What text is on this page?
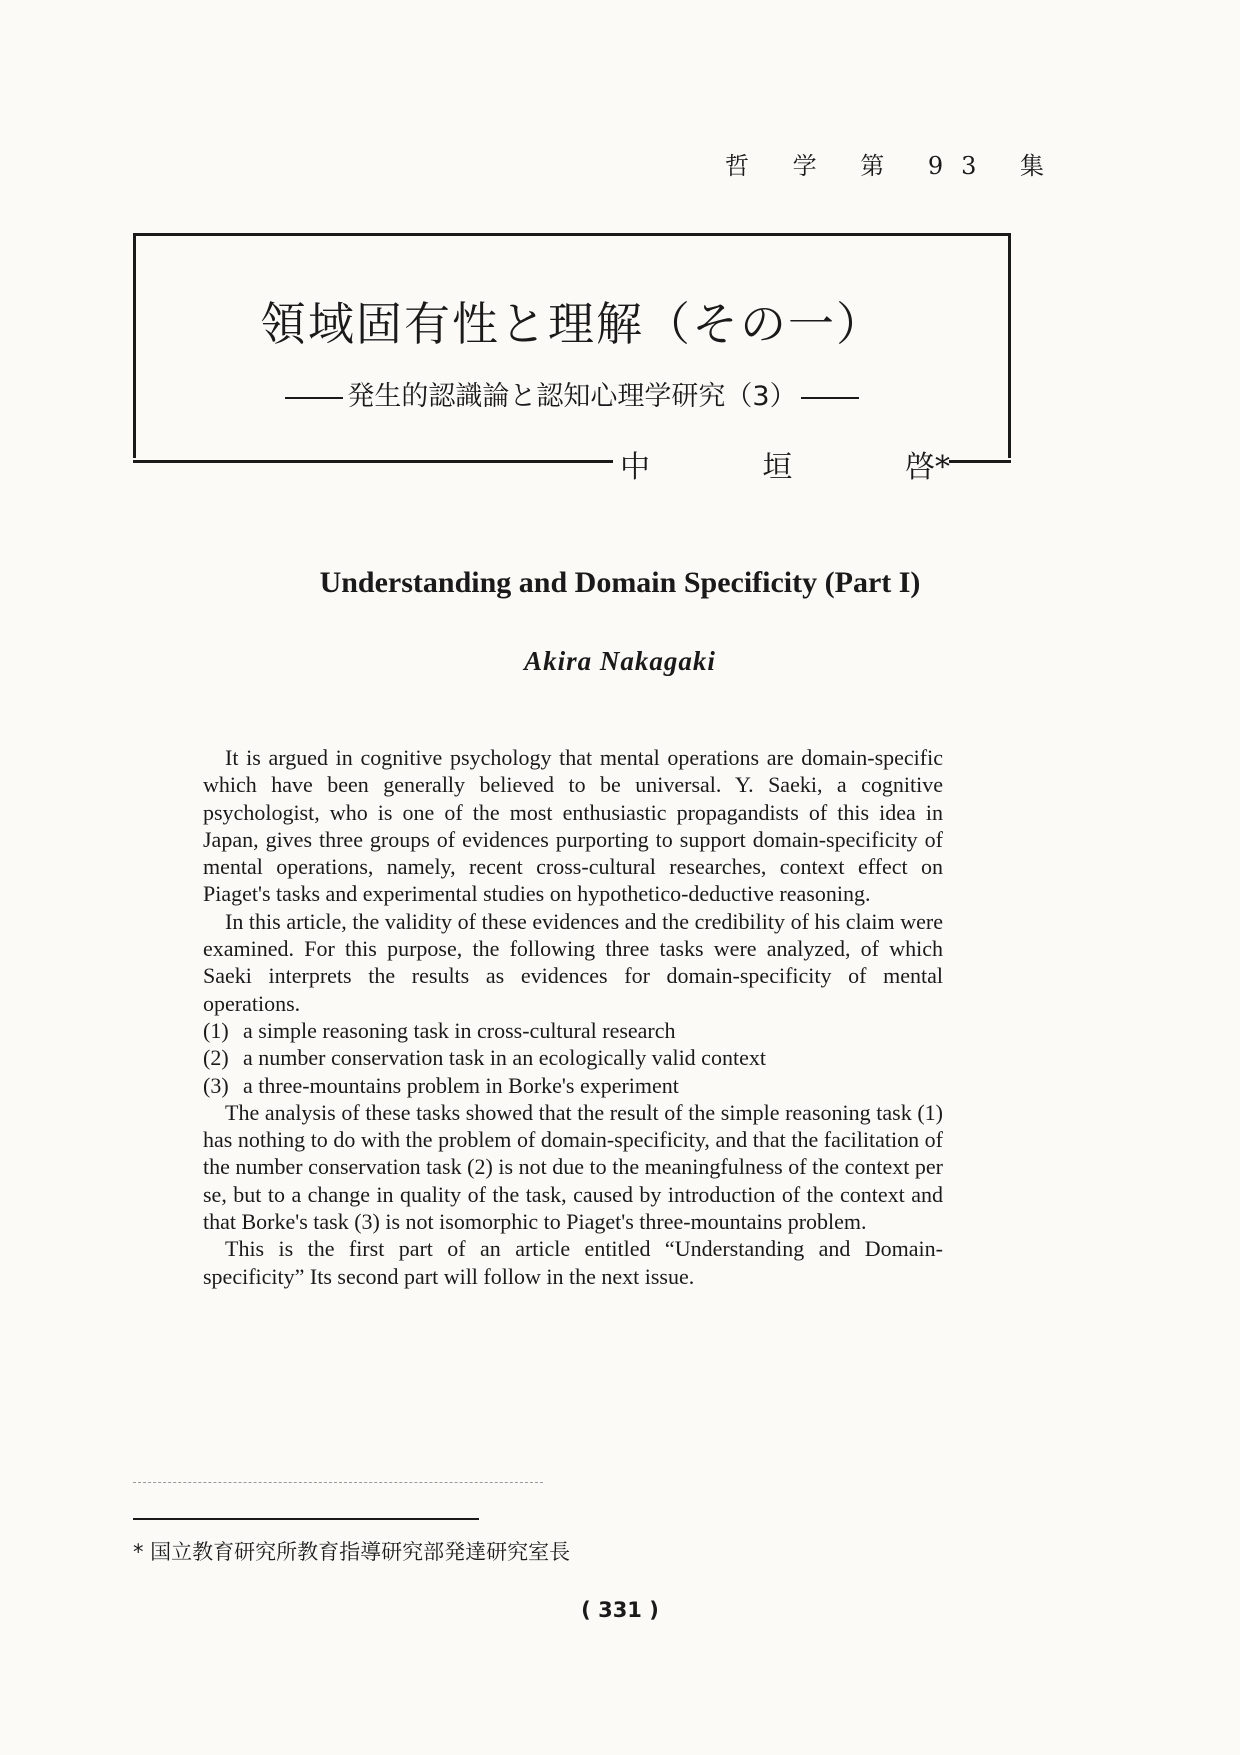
哲 学 第 93 集
領域固有性と理解（その一）
発生的認識論と認知心理学研究（3）
中	垣	啓*
Understanding and Domain Specificity (Part I)
Akira Nakagaki

It is argued in cognitive psychology that mental operations are domain-specific which have been generally believed to be universal. Y. Saeki, a cognitive psychologist, who is one of the most enthusiastic propagandists of this idea in Japan, gives three groups of evidences purporting to support domain-specificity of mental operations, namely, recent cross-cultural researches, context effect on Piaget's tasks and experimental studies on hypothetico-deductive reasoning.

In this article, the validity of these evidences and the credibility of his claim were examined. For this purpose, the following three tasks were analyzed, of which Saeki interprets the results as evidences for domain-specificity of mental operations.

(1) a simple reasoning task in cross-cultural research
(2) a number conservation task in an ecologically valid context
(3) a three-mountains problem in Borke's experiment

The analysis of these tasks showed that the result of the simple reasoning task (1) has nothing to do with the problem of domain-specificity, and that the facilitation of the number conservation task (2) is not due to the meaningfulness of the context per se, but to a change in quality of the task, caused by introduction of the context and that Borke's task (3) is not isomorphic to Piaget's three-mountains problem.

This is the first part of an article entitled “Understanding and Domain-specificity” Its second part will follow in the next issue.

* 国立教育研究所教育指導研究部発達研究室長
( 331 )
